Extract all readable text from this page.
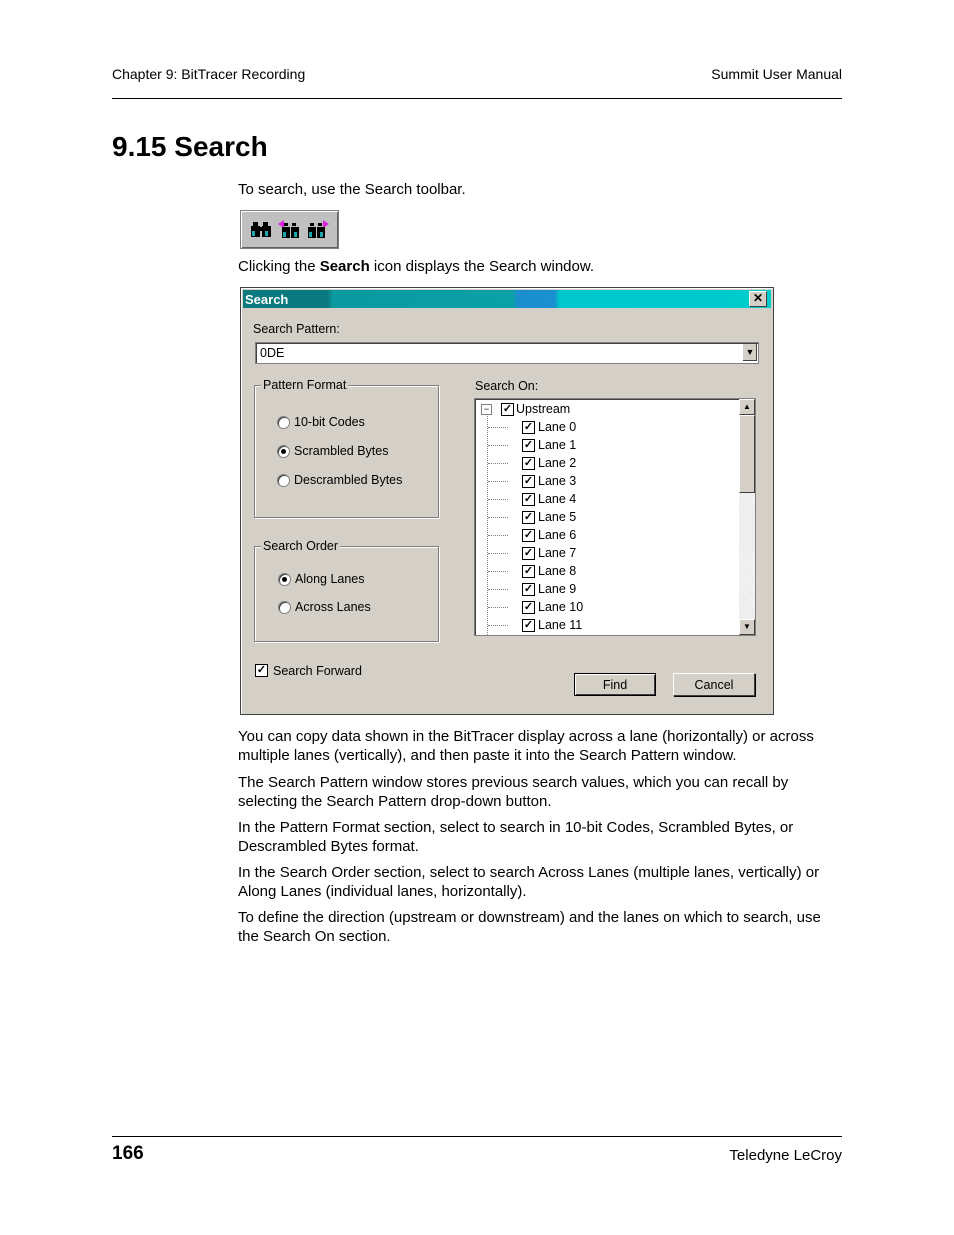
Chapter 9: BitTracer Recording	Summit User Manual
9.15 Search

To search, use the Search toolbar.

Clicking the Search icon displays the Search window.

Search	✕
Search Pattern:
0DE	▼
Pattern Format
10-bit Codes
Scrambled Bytes
Descrambled Bytes
Search Order
Along Lanes
Across Lanes
Search On:
− ✓ Upstream
✓ Lane 0
✓ Lane 1
✓ Lane 2
✓ Lane 3
✓ Lane 4
✓ Lane 5
✓ Lane 6
✓ Lane 7
✓ Lane 8
✓ Lane 9
✓ Lane 10
✓ Lane 11
▲
▼
✓ Search Forward
Find	Cancel

You can copy data shown in the BitTracer display across a lane (horizontally) or across multiple lanes (vertically), and then paste it into the Search Pattern window.

The Search Pattern window stores previous search values, which you can recall by selecting the Search Pattern drop-down button.

In the Pattern Format section, select to search in 10-bit Codes, Scrambled Bytes, or Descrambled Bytes format.

In the Search Order section, select to search Across Lanes (multiple lanes, vertically) or Along Lanes (individual lanes, horizontally).

To define the direction (upstream or downstream) and the lanes on which to search, use the Search On section.

166	Teledyne LeCroy
